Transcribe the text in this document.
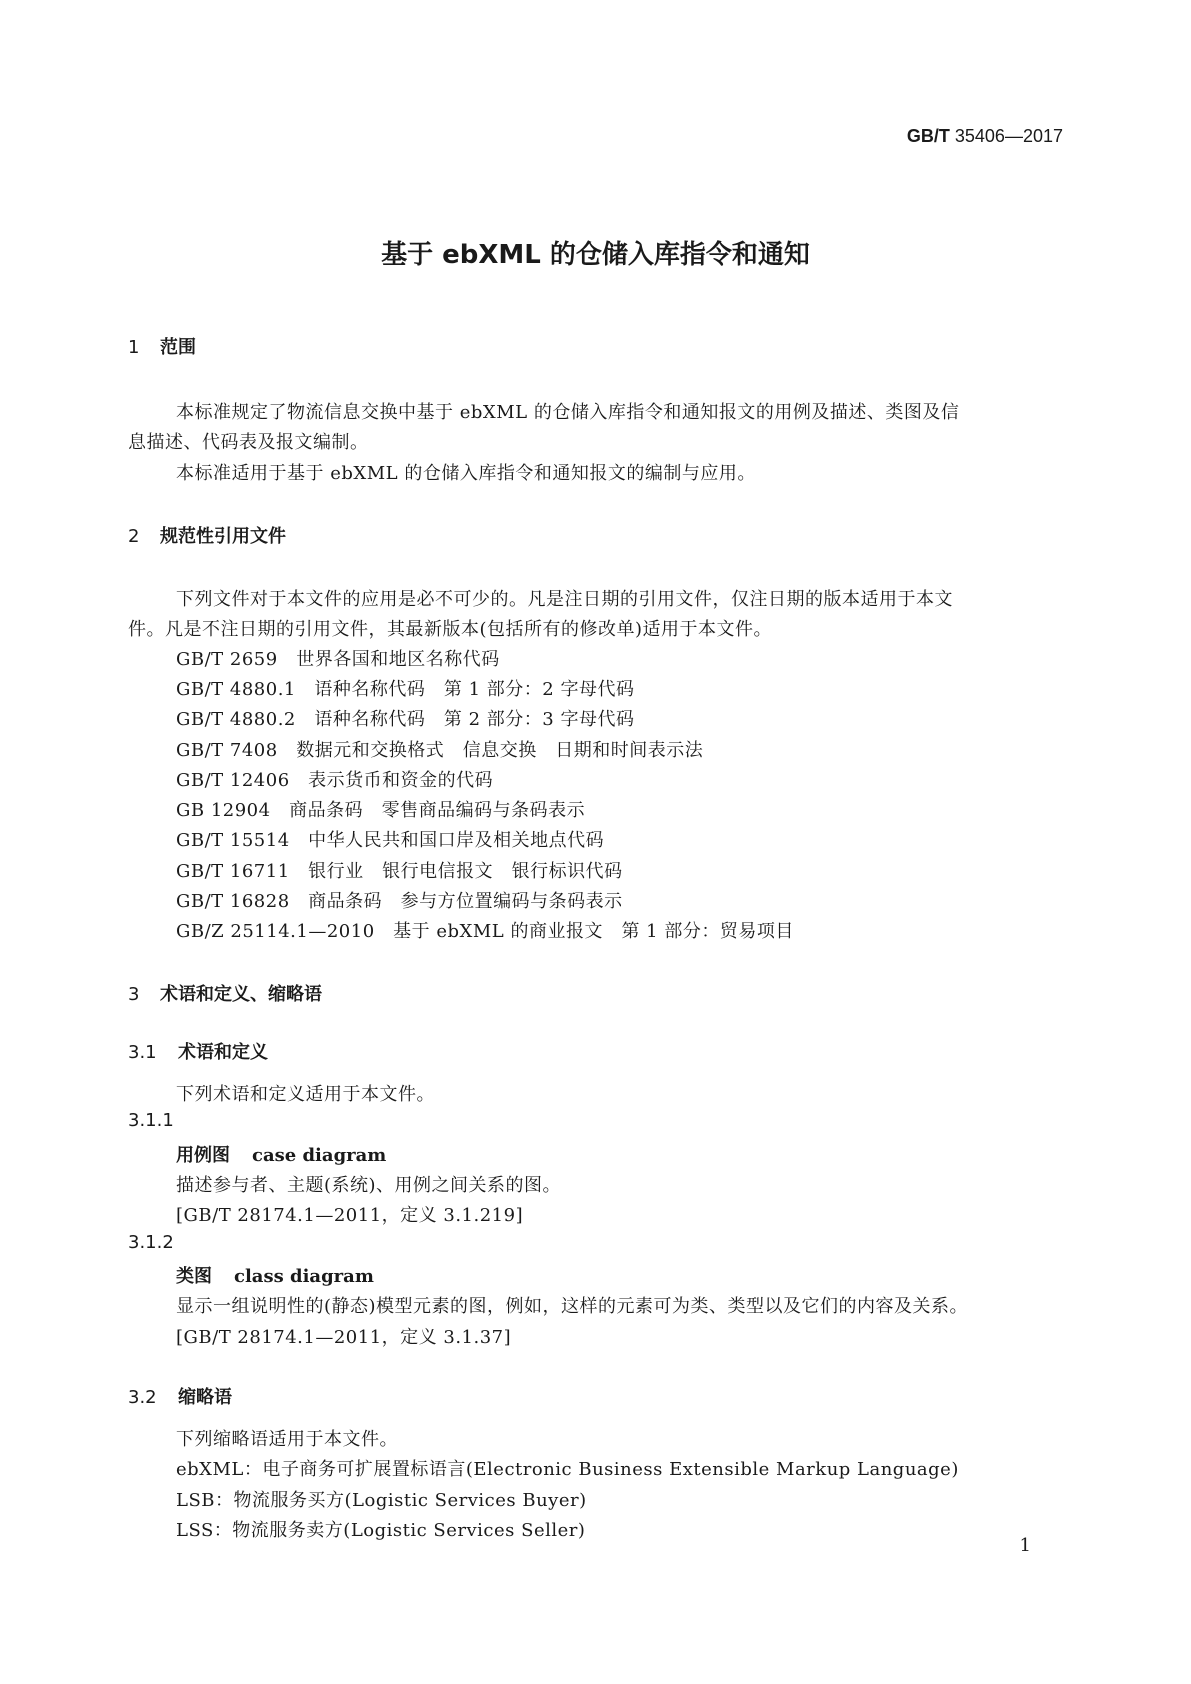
GB/T 35406—2017
基于 ebXML 的仓储入库指令和通知
1 范围
本标准规定了物流信息交换中基于 ebXML 的仓储入库指令和通知报文的用例及描述、类图及信
息描述、代码表及报文编制。
本标准适用于基于 ebXML 的仓储入库指令和通知报文的编制与应用。
2 规范性引用文件
下列文件对于本文件的应用是必不可少的。凡是注日期的引用文件，仅注日期的版本适用于本文
件。凡是不注日期的引用文件，其最新版本(包括所有的修改单)适用于本文件。
GB/T 2659　世界各国和地区名称代码
GB/T 4880.1　语种名称代码　第 1 部分：2 字母代码
GB/T 4880.2　语种名称代码　第 2 部分：3 字母代码
GB/T 7408　数据元和交换格式　信息交换　日期和时间表示法
GB/T 12406　表示货币和资金的代码
GB 12904　商品条码　零售商品编码与条码表示
GB/T 15514　中华人民共和国口岸及相关地点代码
GB/T 16711　银行业　银行电信报文　银行标识代码
GB/T 16828　商品条码　参与方位置编码与条码表示
GB/Z 25114.1—2010　基于 ebXML 的商业报文　第 1 部分：贸易项目
3 术语和定义、缩略语
3.1 术语和定义
下列术语和定义适用于本文件。
3.1.1
用例图 case diagram
描述参与者、主题(系统)、用例之间关系的图。
[GB/T 28174.1—2011，定义 3.1.219]
3.1.2
类图 class diagram
显示一组说明性的(静态)模型元素的图，例如，这样的元素可为类、类型以及它们的内容及关系。
[GB/T 28174.1—2011，定义 3.1.37]
3.2 缩略语
下列缩略语适用于本文件。
ebXML：电子商务可扩展置标语言(Electronic Business Extensible Markup Language)
LSB：物流服务买方(Logistic Services Buyer)
LSS：物流服务卖方(Logistic Services Seller)
1
